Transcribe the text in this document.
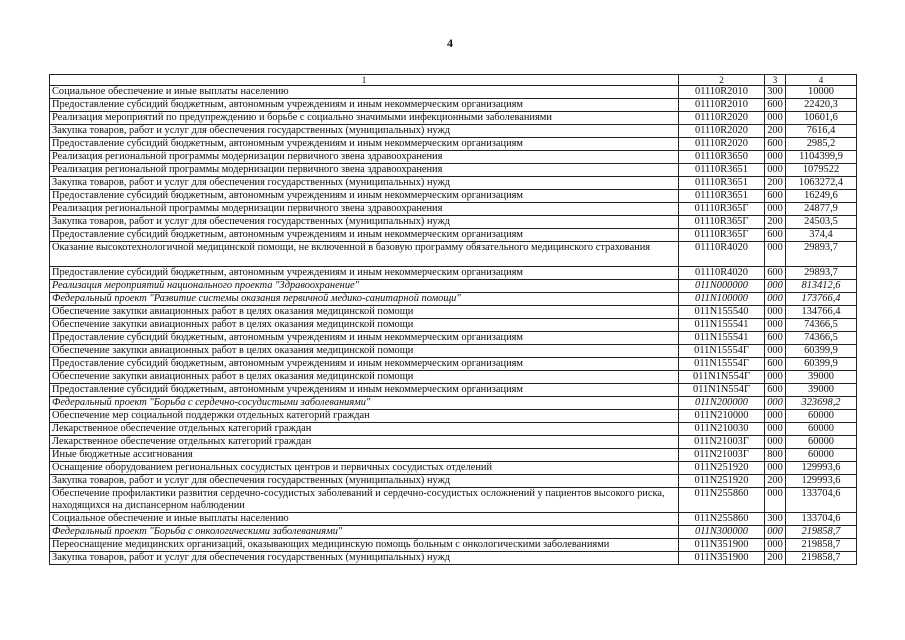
4
1	2	3	4
Социальное обеспечение и иные выплаты населению	01110R2010	300	10000
Предоставление субсидий бюджетным, автономным учреждениям и иным некоммерческим организациям	01110R2010	600	22420,3
Реализация мероприятий по предупреждению и борьбе с социально значимыми инфекционными заболеваниями	01110R2020	000	10601,6
Закупка товаров, работ и услуг для обеспечения государственных (муниципальных) нужд	01110R2020	200	7616,4
Предоставление субсидий бюджетным, автономным учреждениям и иным некоммерческим организациям	01110R2020	600	2985,2
Реализация региональной программы модернизации первичного звена здравоохранения	01110R3650	000	1104399,9
Реализация региональной программы модернизации первичного звена здравоохранения	01110R3651	000	1079522
Закупка товаров, работ и услуг для обеспечения государственных (муниципальных) нужд	01110R3651	200	1063272,4
Предоставление субсидий бюджетным, автономным учреждениям и иным некоммерческим организациям	01110R3651	600	16249,6
Реализация региональной программы модернизации первичного звена здравоохранения	01110R365Г	000	24877,9
Закупка товаров, работ и услуг для обеспечения государственных (муниципальных) нужд	01110R365Г	200	24503,5
Предоставление субсидий бюджетным, автономным учреждениям и иным некоммерческим организациям	01110R365Г	600	374,4
Оказание высокотехнологичной медицинской помощи, не включенной в базовую программу обязательного медицинского страхования	01110R4020	000	29893,7
Предоставление субсидий бюджетным, автономным учреждениям и иным некоммерческим организациям	01110R4020	600	29893,7
Реализация мероприятий национального проекта "Здравоохранение"	011N000000	000	813412,6
Федеральный проект "Развитие системы оказания первичной медико-санитарной помощи"	011N100000	000	173766,4
Обеспечение закупки авиационных работ в целях оказания медицинской помощи	011N155540	000	134766,4
Обеспечение закупки авиационных работ в целях оказания медицинской помощи	011N155541	000	74366,5
Предоставление субсидий бюджетным, автономным учреждениям и иным некоммерческим организациям	011N155541	600	74366,5
Обеспечение закупки авиационных работ в целях оказания медицинской помощи	011N15554Г	000	60399,9
Предоставление субсидий бюджетным, автономным учреждениям и иным некоммерческим организациям	011N15554Г	600	60399,9
Обеспечение закупки авиационных работ в целях оказания медицинской помощи	011N1N554Г	000	39000
Предоставление субсидий бюджетным, автономным учреждениям и иным некоммерческим организациям	011N1N554Г	600	39000
Федеральный проект "Борьба с сердечно-сосудистыми заболеваниями"	011N200000	000	323698,2
Обеспечение мер социальной поддержки отдельных категорий граждан	011N210000	000	60000
Лекарственное обеспечение отдельных категорий граждан	011N210030	000	60000
Лекарственное обеспечение отдельных категорий граждан	011N21003Г	000	60000
Иные бюджетные ассигнования	011N21003Г	800	60000
Оснащение оборудованием региональных сосудистых центров и первичных сосудистых отделений	011N251920	000	129993,6
Закупка товаров, работ и услуг для обеспечения государственных (муниципальных) нужд	011N251920	200	129993,6
Обеспечение профилактики развития сердечно-сосудистых заболеваний и сердечно-сосудистых осложнений у пациентов высокого риска, находящихся на диспансерном наблюдении	011N255860	000	133704,6
Социальное обеспечение и иные выплаты населению	011N255860	300	133704,6
Федеральный проект "Борьба с онкологическими заболеваниями"	011N300000	000	219858,7
Переоснащение медицинских организаций, оказывающих медицинскую помощь больным с онкологическими заболеваниями	011N351900	000	219858,7
Закупка товаров, работ и услуг для обеспечения государственных (муниципальных) нужд	011N351900	200	219858,7
